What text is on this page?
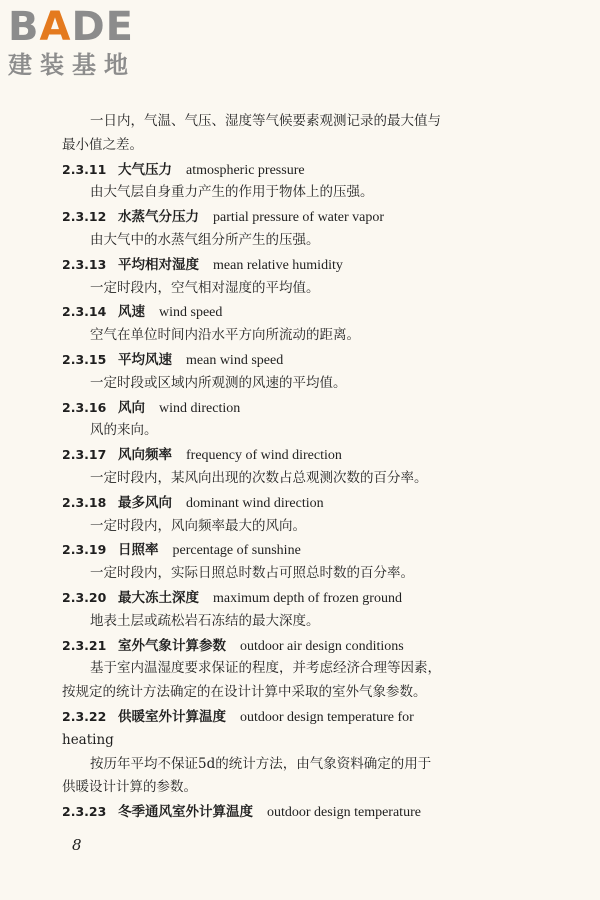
BADE

建装基地

一日内，气温、气压、湿度等气候要素观测记录的最大值与

最小值之差。

2.3.11 大气压力 atmospheric pressure

由大气层自身重力产生的作用于物体上的压强。

2.3.12 水蒸气分压力 partial pressure of water vapor

由大气中的水蒸气组分所产生的压强。

2.3.13 平均相对湿度 mean relative humidity

一定时段内，空气相对湿度的平均值。

2.3.14 风速 wind speed

空气在单位时间内沿水平方向所流动的距离。

2.3.15 平均风速 mean wind speed

一定时段或区域内所观测的风速的平均值。

2.3.16 风向 wind direction

风的来向。

2.3.17 风向频率 frequency of wind direction

一定时段内，某风向出现的次数占总观测次数的百分率。

2.3.18 最多风向 dominant wind direction

一定时段内，风向频率最大的风向。

2.3.19 日照率 percentage of sunshine

一定时段内，实际日照总时数占可照总时数的百分率。

2.3.20 最大冻土深度 maximum depth of frozen ground

地表土层或疏松岩石冻结的最大深度。

2.3.21 室外气象计算参数 outdoor air design conditions

基于室内温湿度要求保证的程度，并考虑经济合理等因素，

按规定的统计方法确定的在设计计算中采取的室外气象参数。

2.3.22 供暖室外计算温度 outdoor design temperature for

heating

按历年平均不保证5d的统计方法，由气象资料确定的用于

供暖设计计算的参数。

2.3.23 冬季通风室外计算温度 outdoor design temperature

8
